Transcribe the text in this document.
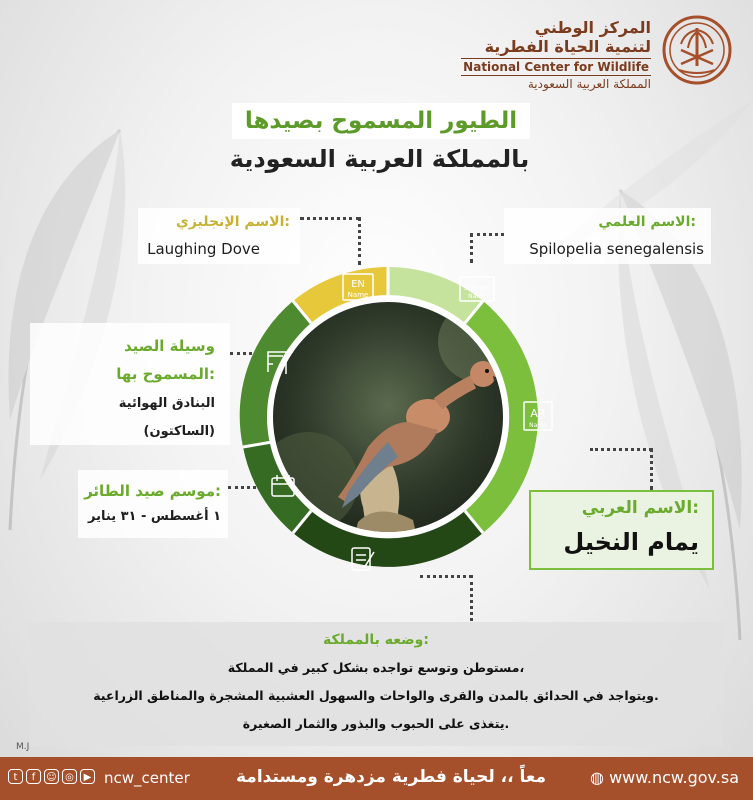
المركز الوطني
لتنمية الحياة الفطرية
National Center for Wildlife
المملكة العربية السعودية
الطيور المسموح بصيدها
بالمملكة العربية السعودية
الاسم الإنجليزي:
Laughing Dove
الاسم العلمي:
Spilopelia senegalensis
وسيلة الصيد
المسموح بها:
البنادق الهوائية
(الساكتون)
موسم صيد الطائر:
١ أغسطس - ٣١ يناير	الاسم العربي:
يمام النخيل
EN
Name
Scientific
Name
AR
Name
وضعه بالمملكة:
مستوطن وتوسع تواجده بشكل كبير في المملكة،
ويتواجد في الحدائق بالمدن والقرى والواحات والسهول العشبية المشجرة والمناطق الزراعية.
يتغذى على الحبوب والبذور والثمار الصغيرة.
M.J
t	f	☺ ◎ ▶ ncw_center	معاً ،، لحياة فطرية مزدهرة ومستدامة	◍ www.ncw.gov.sa
